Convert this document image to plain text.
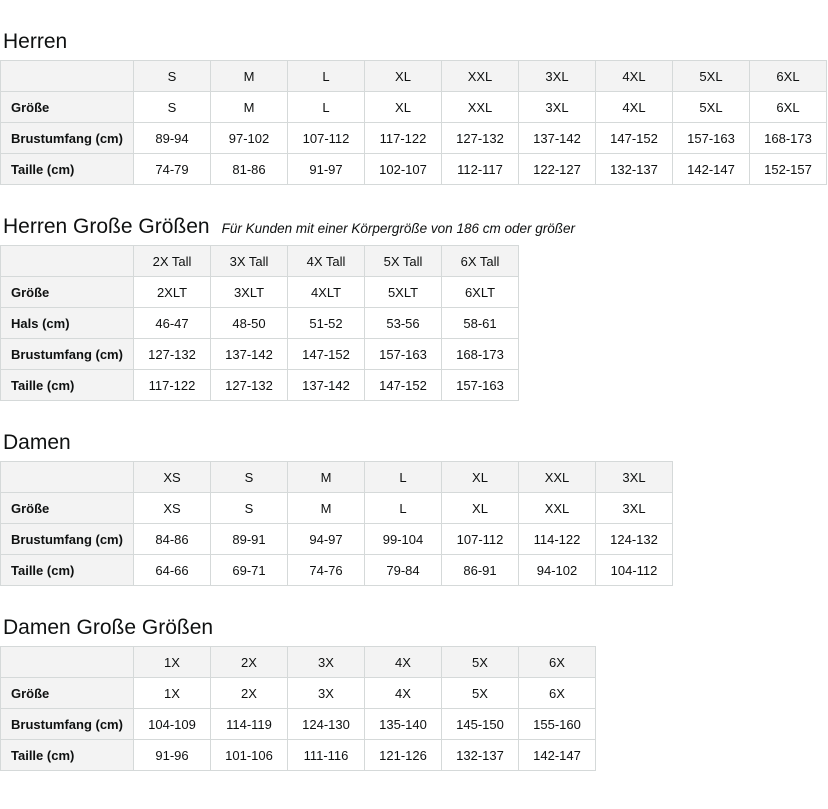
Herren
	S	M	L	XL	XXL	3XL	4XL	5XL	6XL
Größe	S	M	L	XL	XXL	3XL	4XL	5XL	6XL
Brustumfang (cm)	89-94	97-102	107-112	117-122	127-132	137-142	147-152	157-163	168-173
Taille (cm)	74-79	81-86	91-97	102-107	112-117	122-127	132-137	142-147	152-157
Herren Große Größen Für Kunden mit einer Körpergröße von 186 cm oder größer
	2X Tall	3X Tall	4X Tall	5X Tall	6X Tall
Größe	2XLT	3XLT	4XLT	5XLT	6XLT
Hals (cm)	46-47	48-50	51-52	53-56	58-61
Brustumfang (cm)	127-132	137-142	147-152	157-163	168-173
Taille (cm)	117-122	127-132	137-142	147-152	157-163
Damen
	XS	S	M	L	XL	XXL	3XL
Größe	XS	S	M	L	XL	XXL	3XL
Brustumfang (cm)	84-86	89-91	94-97	99-104	107-112	114-122	124-132
Taille (cm)	64-66	69-71	74-76	79-84	86-91	94-102	104-112
Damen Große Größen
	1X	2X	3X	4X	5X	6X
Größe	1X	2X	3X	4X	5X	6X
Brustumfang (cm)	104-109	114-119	124-130	135-140	145-150	155-160
Taille (cm)	91-96	101-106	111-116	121-126	132-137	142-147
